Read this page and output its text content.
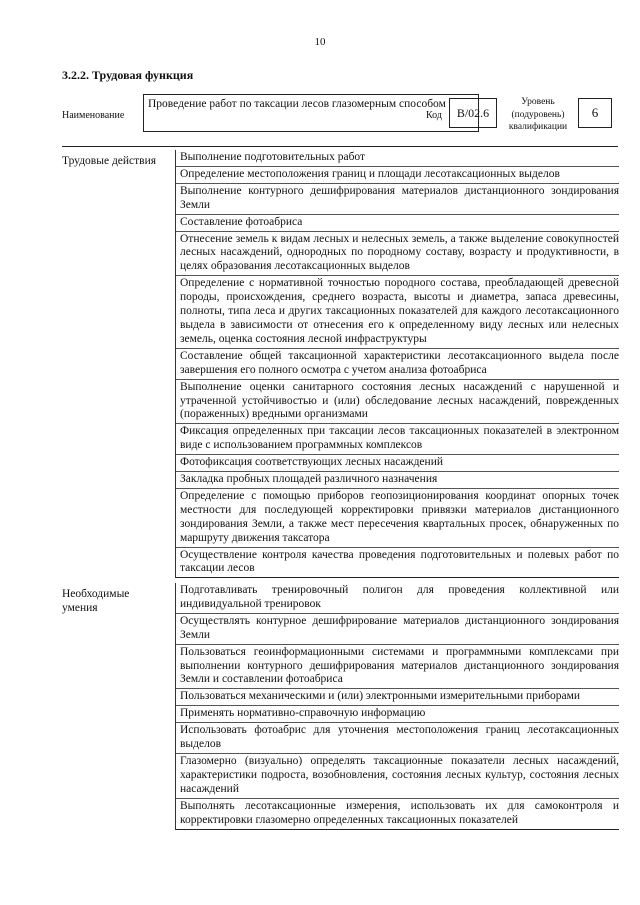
10
3.2.2. Трудовая функция
Наименование
Проведение работ по таксации лесов глазомерным способом
Код	В/02.6
Уровень (подуровень) квалификации
6
Трудовые действия	Выполнение подготовительных работ
Определение местоположения границ и площади лесотаксационных выделов
Выполнение контурного дешифрирования материалов дистанционного зондирования Земли
Составление фотоабриса
Отнесение земель к видам лесных и нелесных земель, а также выделение совокупностей лесных насаждений, однородных по породному составу, возрасту и продуктивности, в целях образования лесотаксационных выделов
Определение с нормативной точностью породного состава, преобладающей древесной породы, происхождения, среднего возраста, высоты и диаметра, запаса древесины, полноты, типа леса и других таксационных показателей для каждого лесотаксационного выдела в зависимости от отнесения его к определенному виду лесных или нелесных земель, оценка состояния лесной инфраструктуры
Составление общей таксационной характеристики лесотаксационного выдела после завершения его полного осмотра с учетом анализа фотоабриса
Выполнение оценки санитарного состояния лесных насаждений с нарушенной и утраченной устойчивостью и (или) обследование лесных насаждений, поврежденных (пораженных) вредными организмами
Фиксация определенных при таксации лесов таксационных показателей в электронном виде с использованием программных комплексов
Фотофиксация соответствующих лесных насаждений
Закладка пробных площадей различного назначения
Определение с помощью приборов геопозиционирования координат опорных точек местности для последующей корректировки привязки материалов дистанционного зондирования Земли, а также мест пересечения квартальных просек, обнаруженных по маршруту движения таксатора
Осуществление контроля качества проведения подготовительных и полевых работ по таксации лесов
Необходимые умения
Подготавливать тренировочный полигон для проведения коллективной или индивидуальной тренировок
Осуществлять контурное дешифрирование материалов дистанционного зондирования Земли
Пользоваться геоинформационными системами и программными комплексами при выполнении контурного дешифрирования материалов дистанционного зондирования Земли и составлении фотоабриса
Пользоваться механическими и (или) электронными измерительными приборами
Применять нормативно-справочную информацию
Использовать фотоабрис для уточнения местоположения границ лесотаксационных выделов
Глазомерно (визуально) определять таксационные показатели лесных насаждений, характеристики подроста, возобновления, состояния лесных культур, состояния лесных насаждений
Выполнять лесотаксационные измерения, использовать их для самоконтроля и корректировки глазомерно определенных таксационных показателей
